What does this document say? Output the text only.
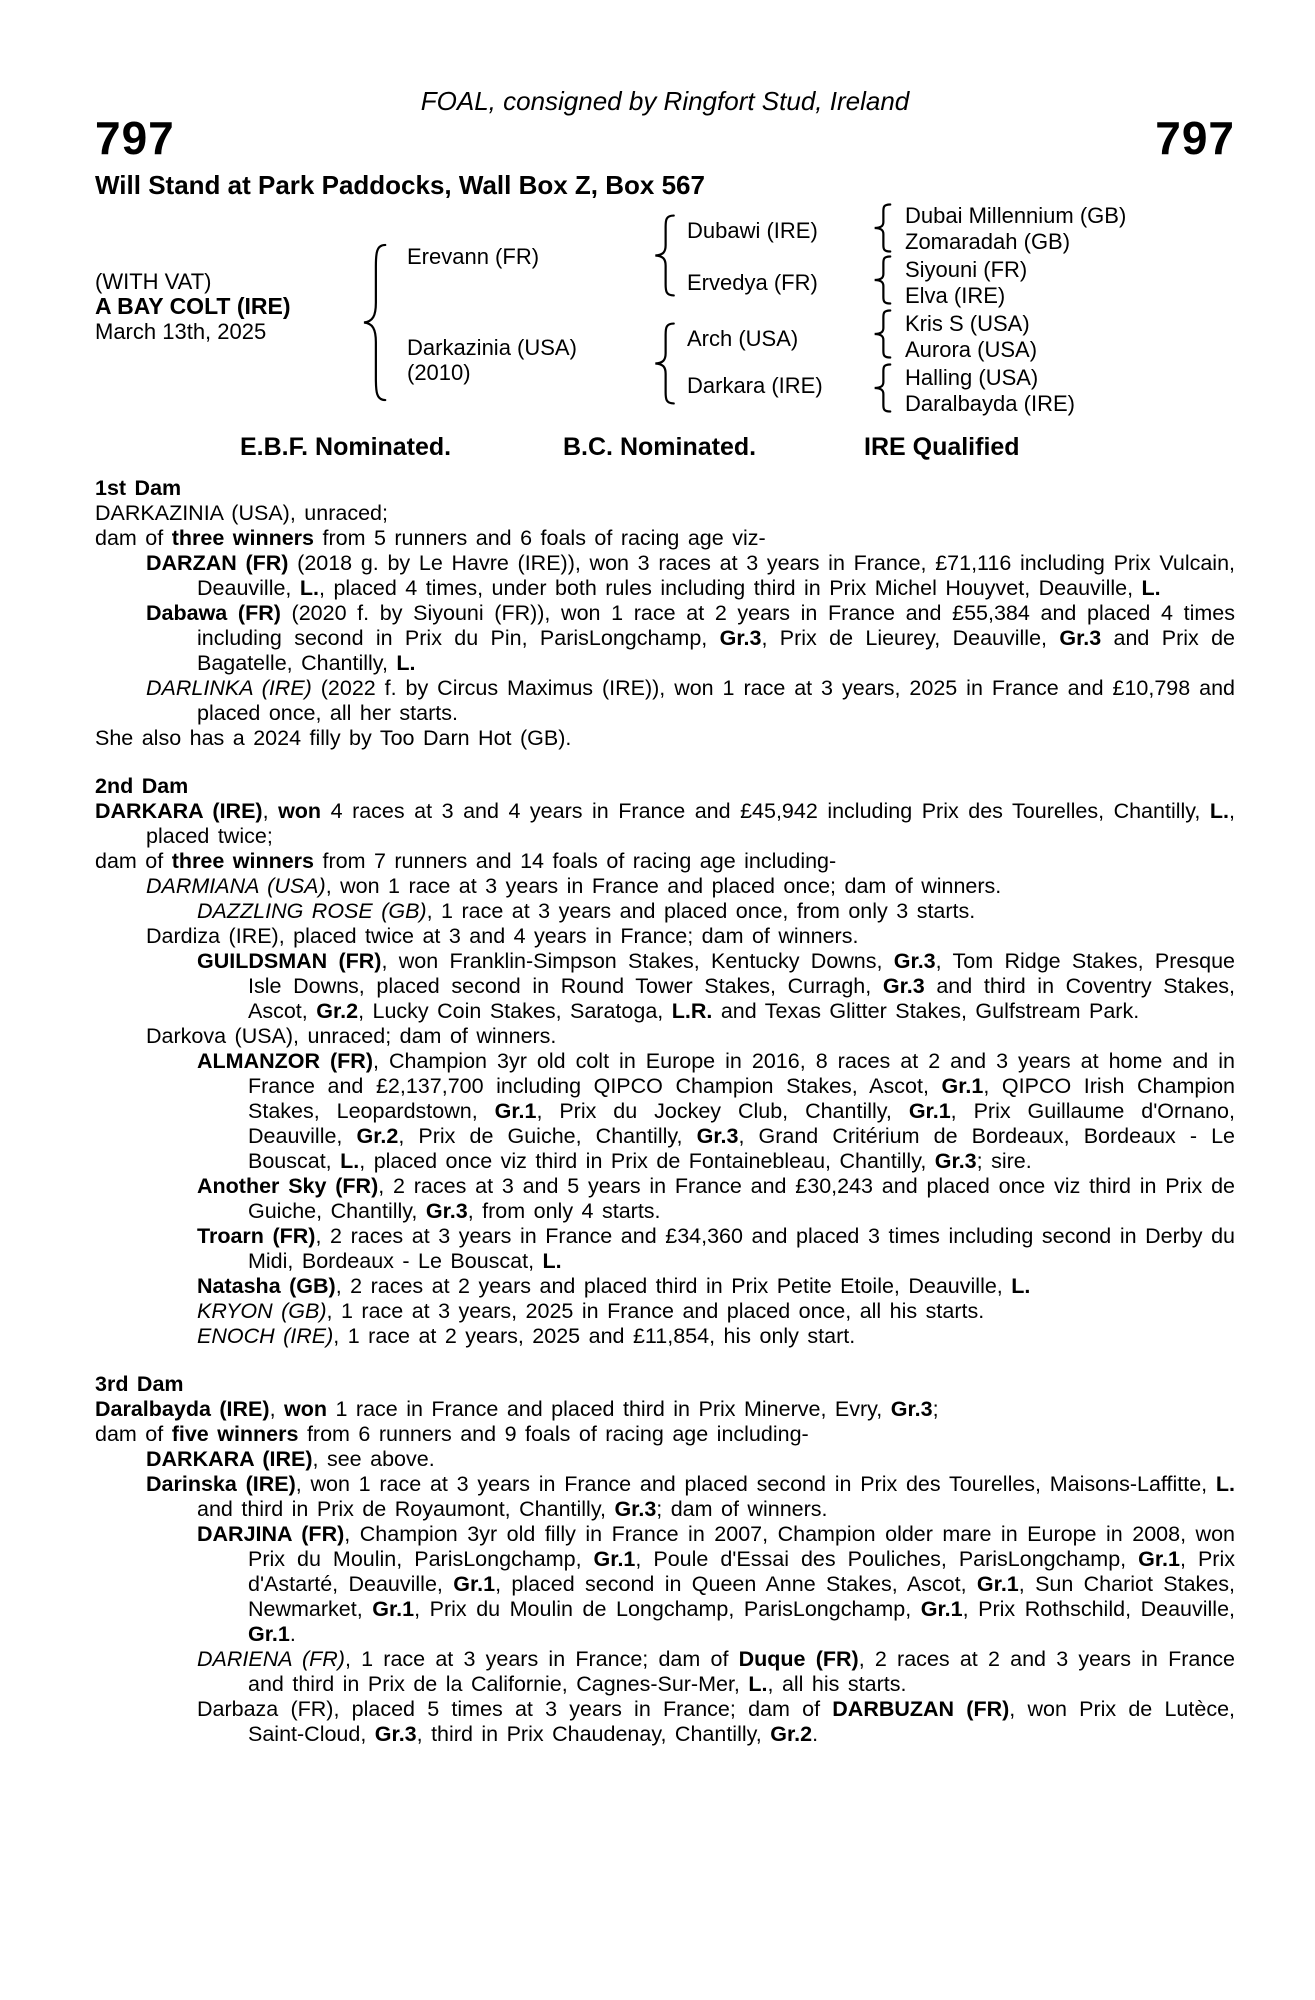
FOAL, consigned by Ringfort Stud, Ireland
797	797
Will Stand at Park Paddocks, Wall Box Z, Box 567
(WITH VAT)
A BAY COLT (IRE)
March 13th, 2025
Erevann (FR)
Darkazinia (USA)
(2010)
Dubawi (IRE)
Ervedya (FR)
Arch (USA)
Darkara (IRE)
Dubai Millennium (GB)
Zomaradah (GB)
Siyouni (FR)
Elva (IRE)
Kris S (USA)
Aurora (USA)
Halling (USA)
Daralbayda (IRE)
E.B.F. Nominated.	B.C. Nominated.	IRE Qualified
1st Dam
DARKAZINIA (USA), unraced;
dam of three winners from 5 runners and 6 foals of racing age viz-
DARZAN (FR) (2018 g. by Le Havre (IRE)), won 3 races at 3 years in France, £71,116 including Prix Vulcain, Deauville, L., placed 4 times, under both rules including third in Prix Michel Houyvet, Deauville, L.
Dabawa (FR) (2020 f. by Siyouni (FR)), won 1 race at 2 years in France and £55,384 and placed 4 times including second in Prix du Pin, ParisLongchamp, Gr.3, Prix de Lieurey, Deauville, Gr.3 and Prix de Bagatelle, Chantilly, L.
DARLINKA (IRE) (2022 f. by Circus Maximus (IRE)), won 1 race at 3 years, 2025 in France and £10,798 and placed once, all her starts.
She also has a 2024 filly by Too Darn Hot (GB).
2nd Dam
DARKARA (IRE), won 4 races at 3 and 4 years in France and £45,942 including Prix des Tourelles, Chantilly, L., placed twice;
dam of three winners from 7 runners and 14 foals of racing age including-
DARMIANA (USA), won 1 race at 3 years in France and placed once; dam of winners.
DAZZLING ROSE (GB), 1 race at 3 years and placed once, from only 3 starts.
Dardiza (IRE), placed twice at 3 and 4 years in France; dam of winners.
GUILDSMAN (FR), won Franklin-Simpson Stakes, Kentucky Downs, Gr.3, Tom Ridge Stakes, Presque Isle Downs, placed second in Round Tower Stakes, Curragh, Gr.3 and third in Coventry Stakes, Ascot, Gr.2, Lucky Coin Stakes, Saratoga, L.R. and Texas Glitter Stakes, Gulfstream Park.
Darkova (USA), unraced; dam of winners.
ALMANZOR (FR), Champion 3yr old colt in Europe in 2016, 8 races at 2 and 3 years at home and in France and £2,137,700 including QIPCO Champion Stakes, Ascot, Gr.1, QIPCO Irish Champion Stakes, Leopardstown, Gr.1, Prix du Jockey Club, Chantilly, Gr.1, Prix Guillaume d'Ornano, Deauville, Gr.2, Prix de Guiche, Chantilly, Gr.3, Grand Critérium de Bordeaux, Bordeaux - Le Bouscat, L., placed once viz third in Prix de Fontainebleau, Chantilly, Gr.3; sire.
Another Sky (FR), 2 races at 3 and 5 years in France and £30,243 and placed once viz third in Prix de Guiche, Chantilly, Gr.3, from only 4 starts.
Troarn (FR), 2 races at 3 years in France and £34,360 and placed 3 times including second in Derby du Midi, Bordeaux - Le Bouscat, L.
Natasha (GB), 2 races at 2 years and placed third in Prix Petite Etoile, Deauville, L.
KRYON (GB), 1 race at 3 years, 2025 in France and placed once, all his starts.
ENOCH (IRE), 1 race at 2 years, 2025 and £11,854, his only start.
3rd Dam
Daralbayda (IRE), won 1 race in France and placed third in Prix Minerve, Evry, Gr.3;
dam of five winners from 6 runners and 9 foals of racing age including-
DARKARA (IRE), see above.
Darinska (IRE), won 1 race at 3 years in France and placed second in Prix des Tourelles, Maisons-Laffitte, L. and third in Prix de Royaumont, Chantilly, Gr.3; dam of winners.
DARJINA (FR), Champion 3yr old filly in France in 2007, Champion older mare in Europe in 2008, won Prix du Moulin, ParisLongchamp, Gr.1, Poule d'Essai des Pouliches, ParisLongchamp, Gr.1, Prix d'Astarté, Deauville, Gr.1, placed second in Queen Anne Stakes, Ascot, Gr.1, Sun Chariot Stakes, Newmarket, Gr.1, Prix du Moulin de Longchamp, ParisLongchamp, Gr.1, Prix Rothschild, Deauville, Gr.1.
DARIENA (FR), 1 race at 3 years in France; dam of Duque (FR), 2 races at 2 and 3 years in France and third in Prix de la Californie, Cagnes-Sur-Mer, L., all his starts.
Darbaza (FR), placed 5 times at 3 years in France; dam of DARBUZAN (FR), won Prix de Lutèce, Saint-Cloud, Gr.3, third in Prix Chaudenay, Chantilly, Gr.2.
